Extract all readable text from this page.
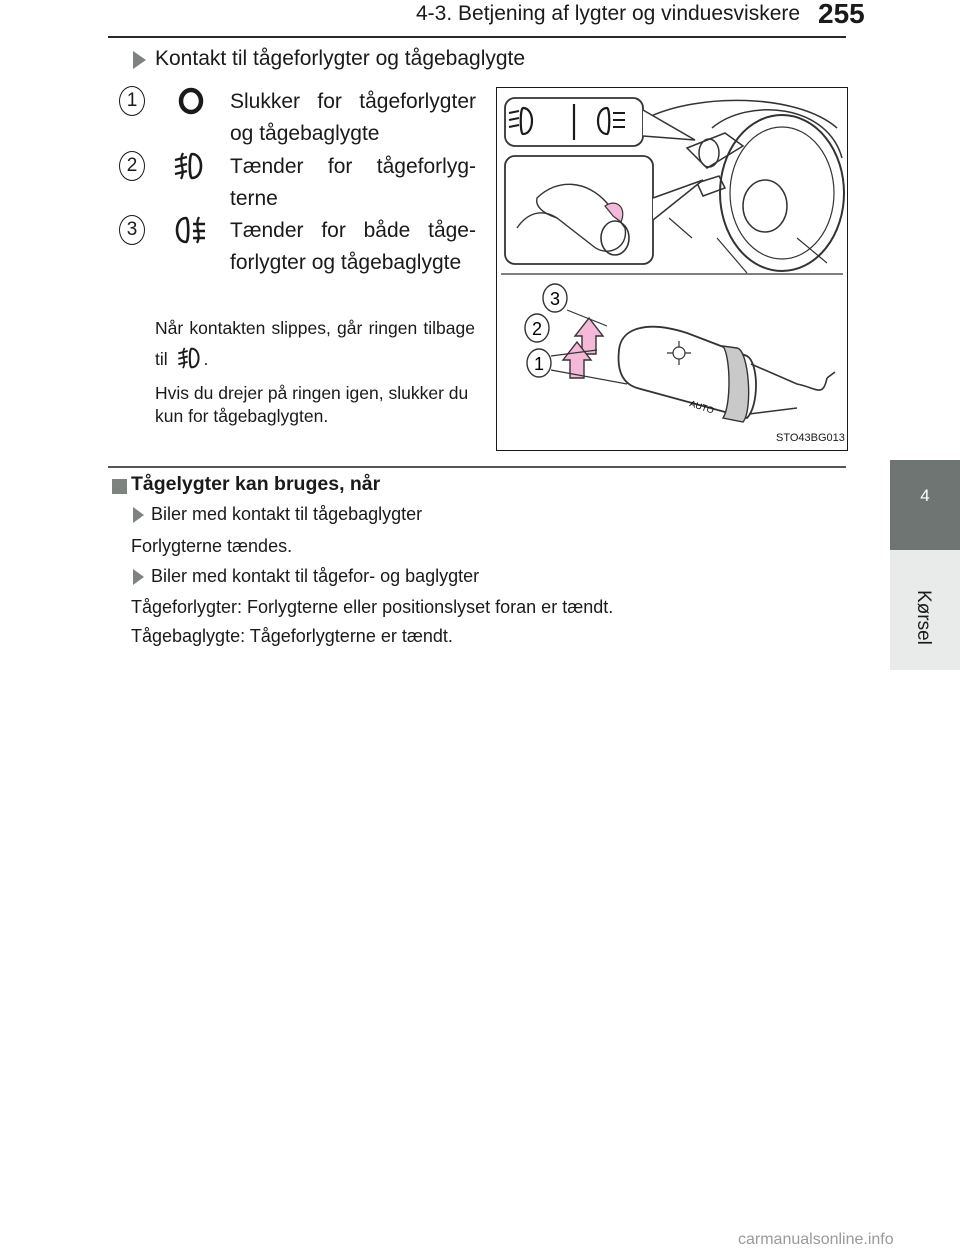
4-3. Betjening af lygter og vinduesviskere 255
4
Kørsel
Kontakt til tågeforlygter og tågebaglygte
1	Slukker for tågeforlygter og tågebaglygte
2	Tænder for tågeforlygterne
3	Tænder for både tågeforlygter og tågebaglygte
Når kontakten slippes, går ringen tilbage til .
Hvis du drejer på ringen igen, slukker du kun for tågebaglygten.	AUTO
3
2
1
STO43BG013
Tågelygter kan bruges, når
Biler med kontakt til tågebaglygter
Forlygterne tændes.
Biler med kontakt til tågefor- og baglygter
Tågeforlygter: Forlygterne eller positionslyset foran er tændt.
Tågebaglygte: Tågeforlygterne er tændt.
carmanualsonline.info
